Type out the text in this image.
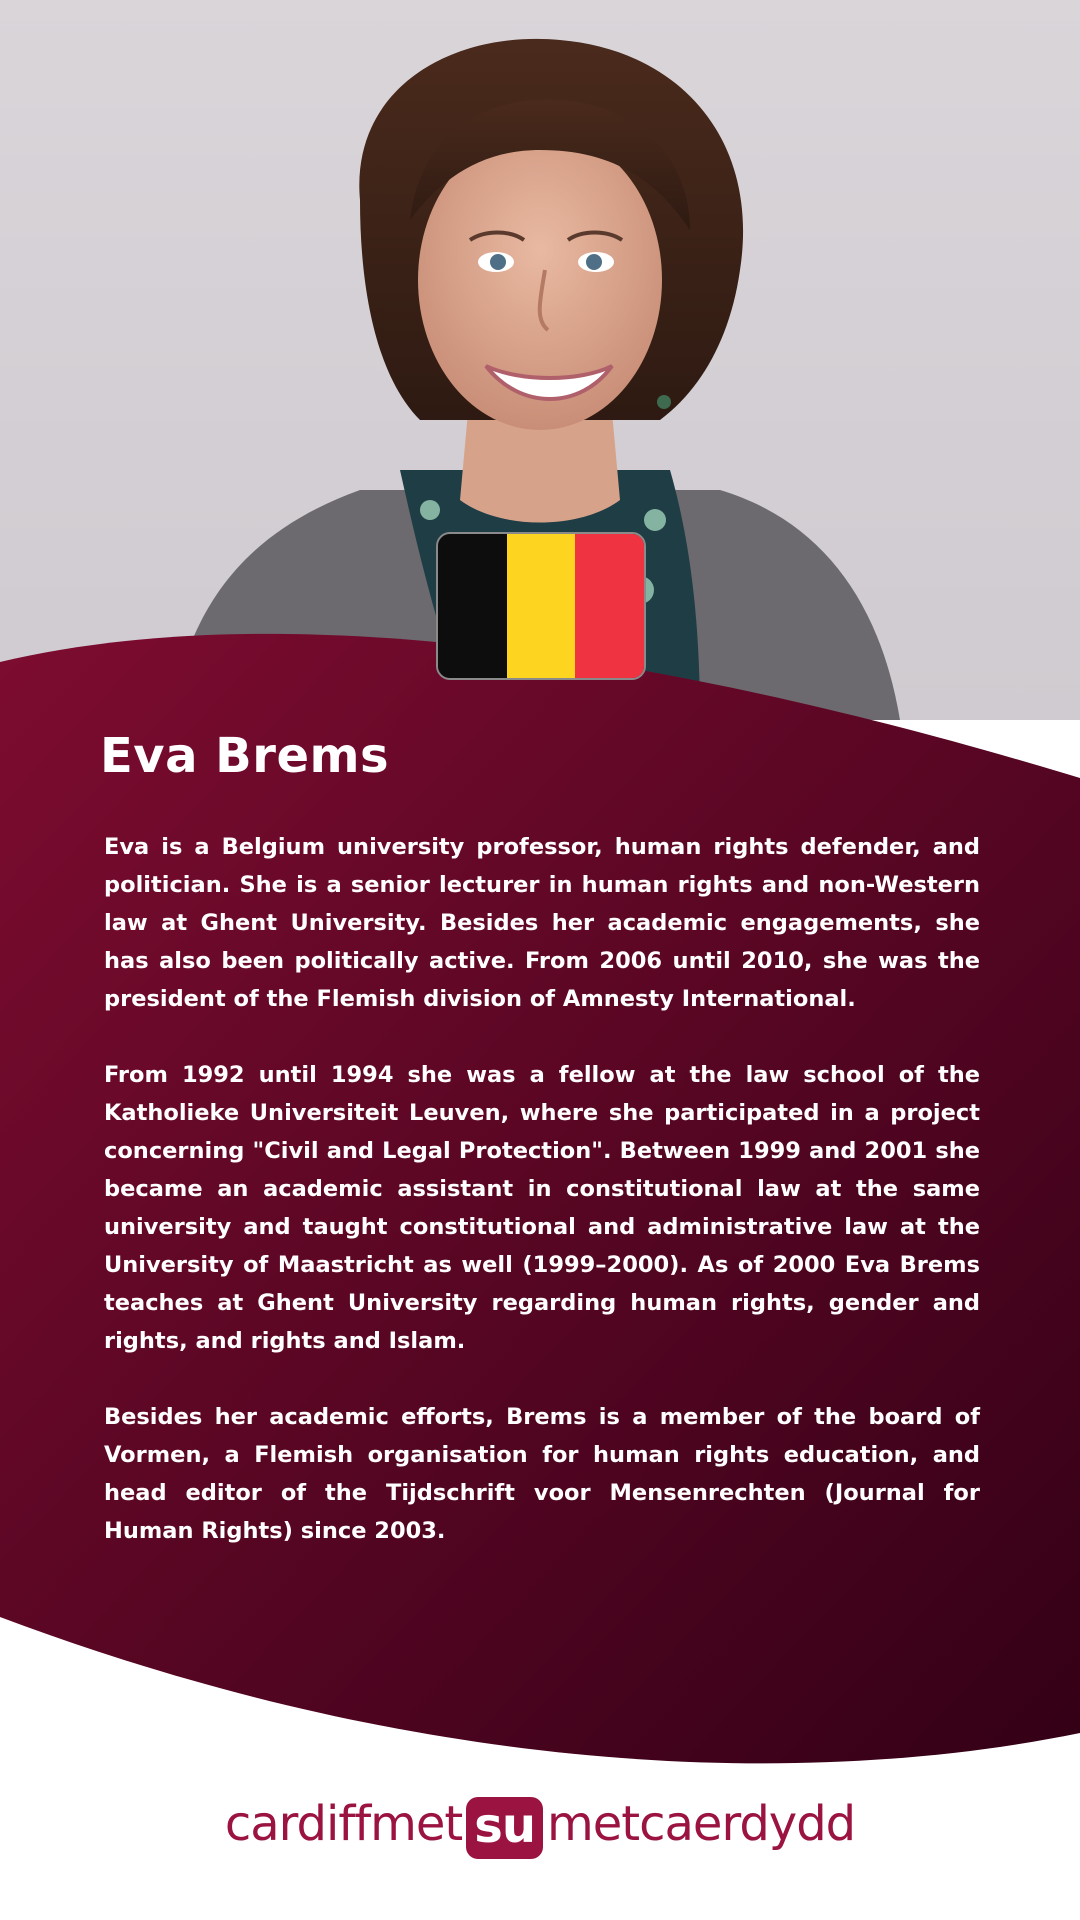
Eva Brems

Eva is a Belgium university professor, human rights defender, and politician. She is a senior lecturer in human rights and non-Western law at Ghent University. Besides her academic engagements, she has also been politically active. From 2006 until 2010, she was the president of the Flemish division of Amnesty International.

From 1992 until 1994 she was a fellow at the law school of the Katholieke Universiteit Leuven, where she participated in a project concerning "Civil and Legal Protection". Between 1999 and 2001 she became an academic assistant in constitutional law at the same university and taught constitutional and administrative law at the University of Maastricht as well (1999–2000). As of 2000 Eva Brems teaches at Ghent University regarding human rights, gender and rights, and rights and Islam.

Besides her academic efforts, Brems is a member of the board of Vormen, a Flemish organisation for human rights education, and head editor of the Tijdschrift voor Mensenrechten (Journal for Human Rights) since 2003.

cardiffmet su metcaerdydd
